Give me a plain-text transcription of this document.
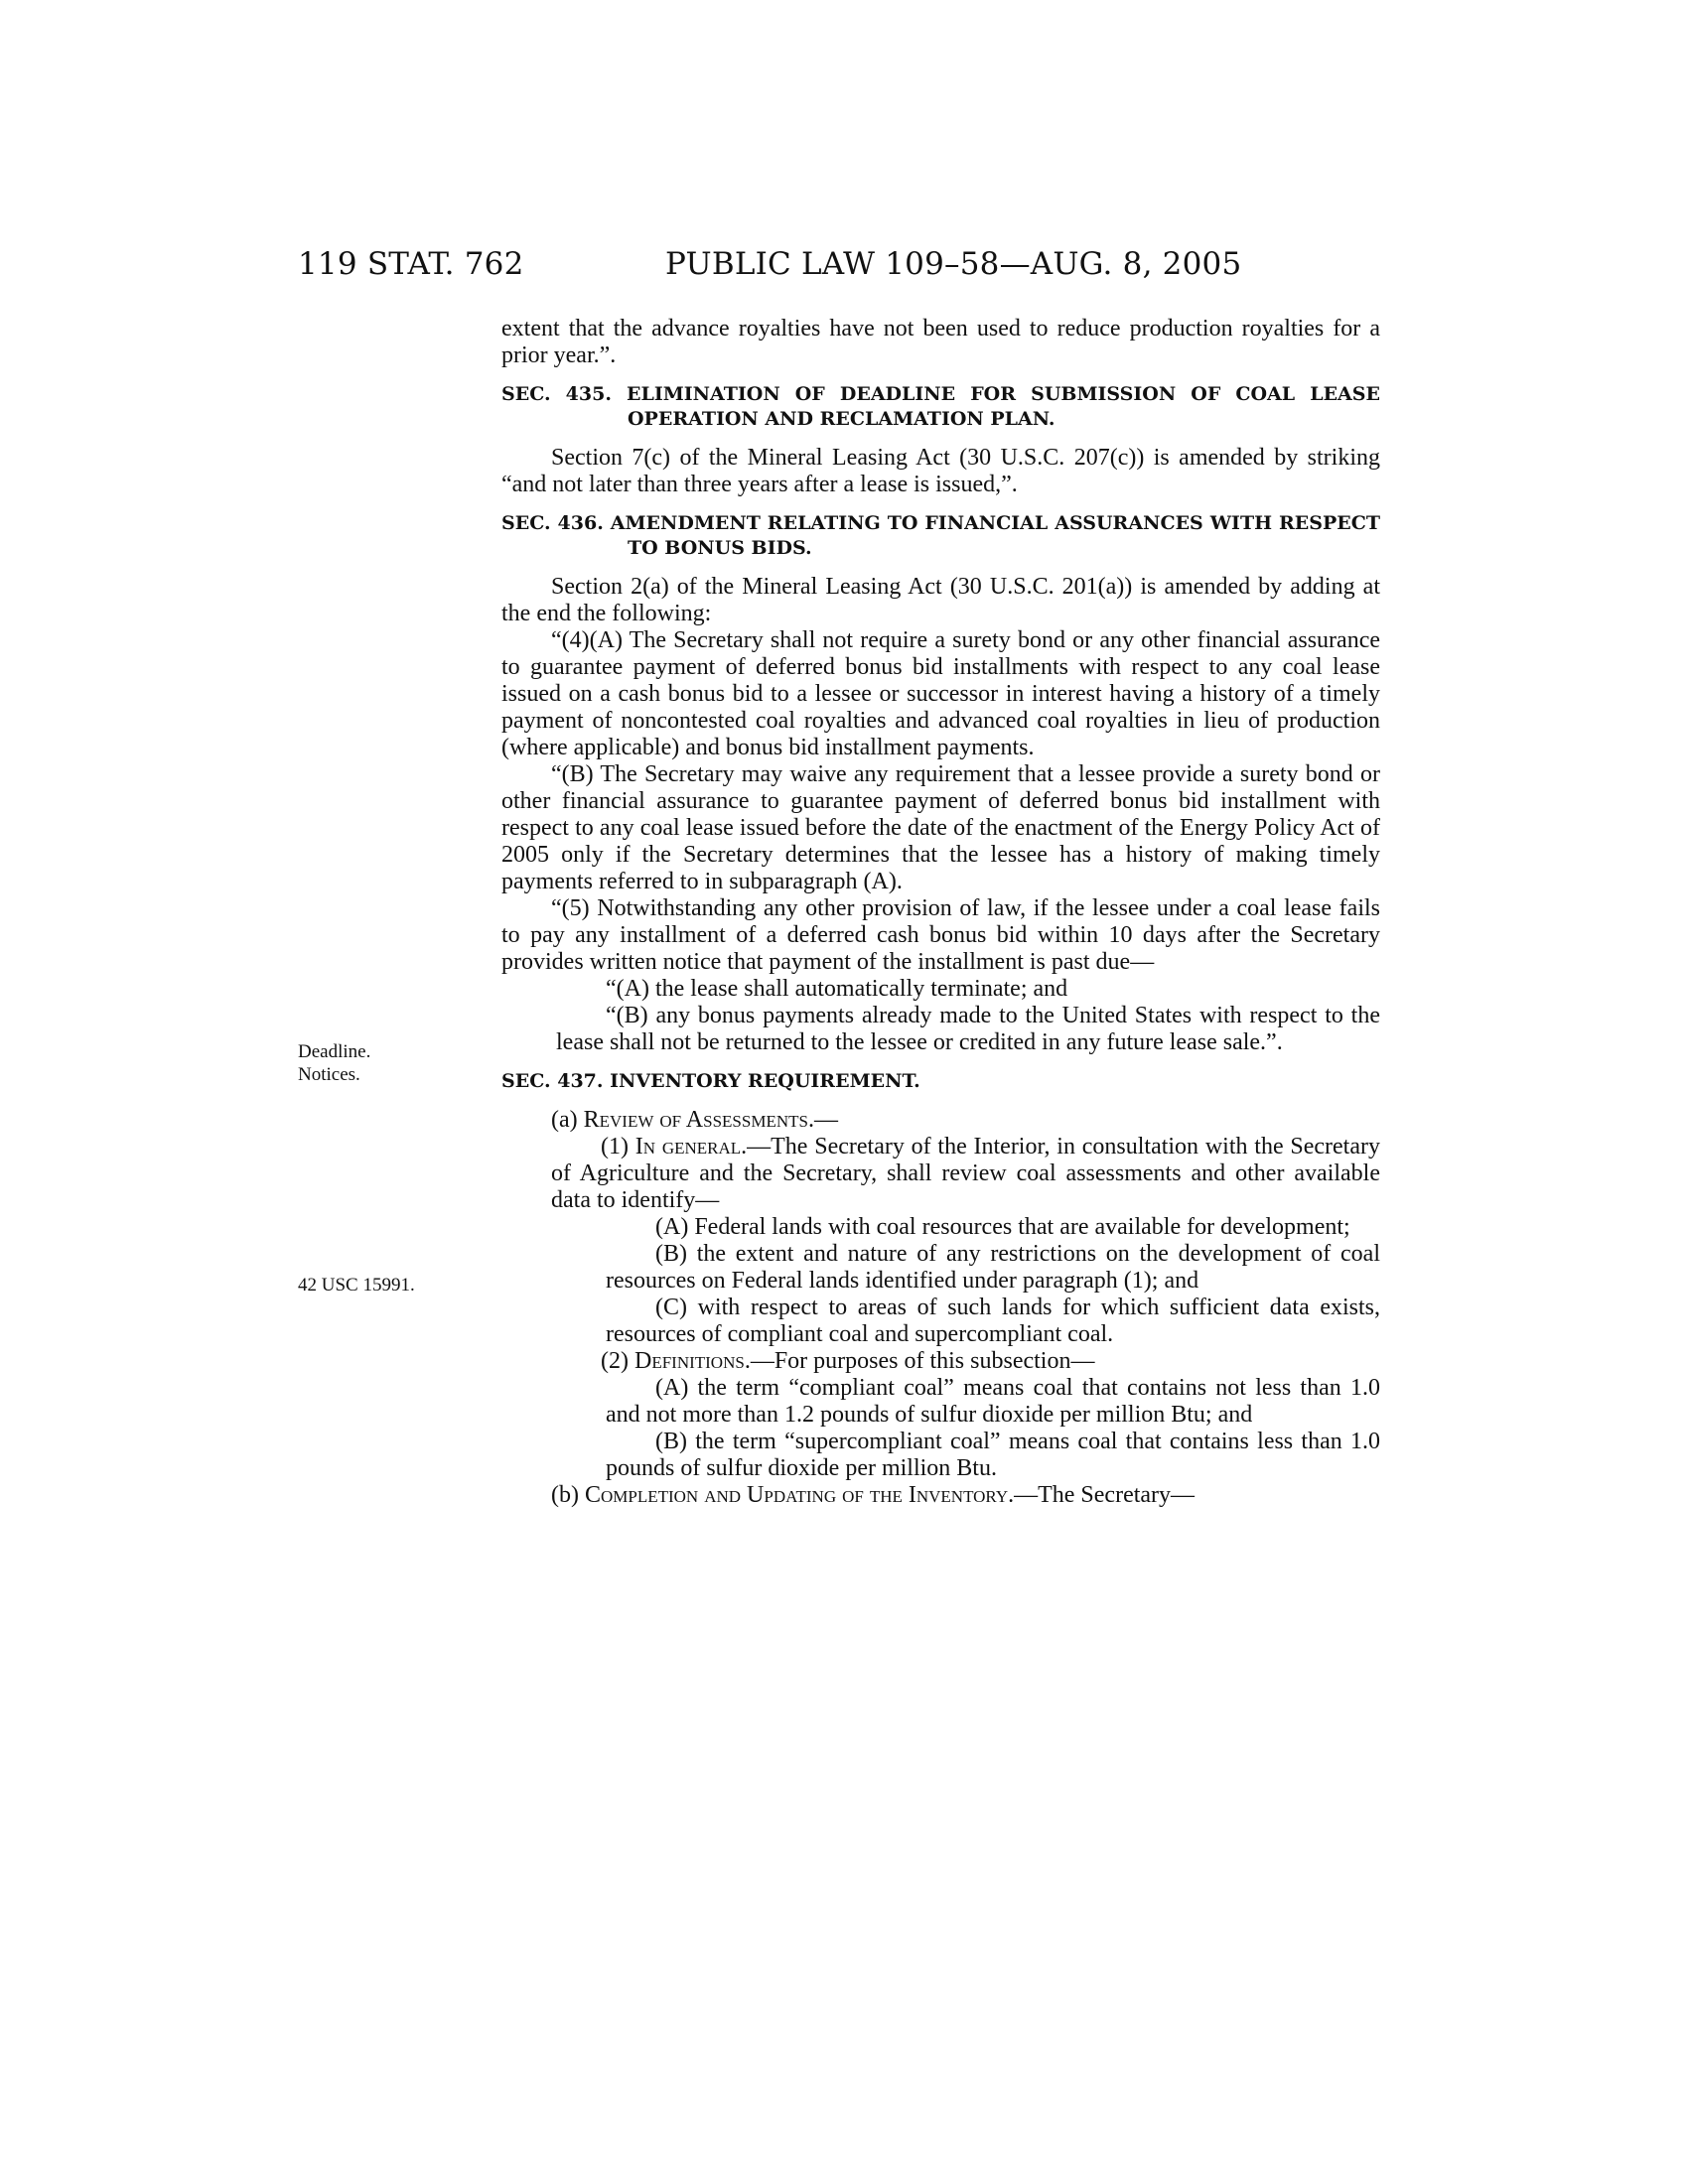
119 STAT. 762	PUBLIC LAW 109–58—AUG. 8, 2005
Deadline.
Notices.
42 USC 15991.

extent that the advance royalties have not been used to reduce production royalties for a prior year.”.

SEC. 435. ELIMINATION OF DEADLINE FOR SUBMISSION OF COAL LEASE OPERATION AND RECLAMATION PLAN.

Section 7(c) of the Mineral Leasing Act (30 U.S.C. 207(c)) is amended by striking “and not later than three years after a lease is issued,”.

SEC. 436. AMENDMENT RELATING TO FINANCIAL ASSURANCES WITH RESPECT TO BONUS BIDS.

Section 2(a) of the Mineral Leasing Act (30 U.S.C. 201(a)) is amended by adding at the end the following:

“(4)(A) The Secretary shall not require a surety bond or any other financial assurance to guarantee payment of deferred bonus bid installments with respect to any coal lease issued on a cash bonus bid to a lessee or successor in interest having a history of a timely payment of noncontested coal royalties and advanced coal royalties in lieu of production (where applicable) and bonus bid installment payments.

“(B) The Secretary may waive any requirement that a lessee provide a surety bond or other financial assurance to guarantee payment of deferred bonus bid installment with respect to any coal lease issued before the date of the enactment of the Energy Policy Act of 2005 only if the Secretary determines that the lessee has a history of making timely payments referred to in subparagraph (A).

“(5) Notwithstanding any other provision of law, if the lessee under a coal lease fails to pay any installment of a deferred cash bonus bid within 10 days after the Secretary provides written notice that payment of the installment is past due—

“(A) the lease shall automatically terminate; and

“(B) any bonus payments already made to the United States with respect to the lease shall not be returned to the lessee or credited in any future lease sale.”.

SEC. 437. INVENTORY REQUIREMENT.

(a) Review of Assessments.—

(1) In general.—The Secretary of the Interior, in consultation with the Secretary of Agriculture and the Secretary, shall review coal assessments and other available data to identify—

(A) Federal lands with coal resources that are available for development;

(B) the extent and nature of any restrictions on the development of coal resources on Federal lands identified under paragraph (1); and

(C) with respect to areas of such lands for which sufficient data exists, resources of compliant coal and supercompliant coal.

(2) Definitions.—For purposes of this subsection—

(A) the term “compliant coal” means coal that contains not less than 1.0 and not more than 1.2 pounds of sulfur dioxide per million Btu; and

(B) the term “supercompliant coal” means coal that contains less than 1.0 pounds of sulfur dioxide per million Btu.

(b) Completion and Updating of the Inventory.—The Secretary—
